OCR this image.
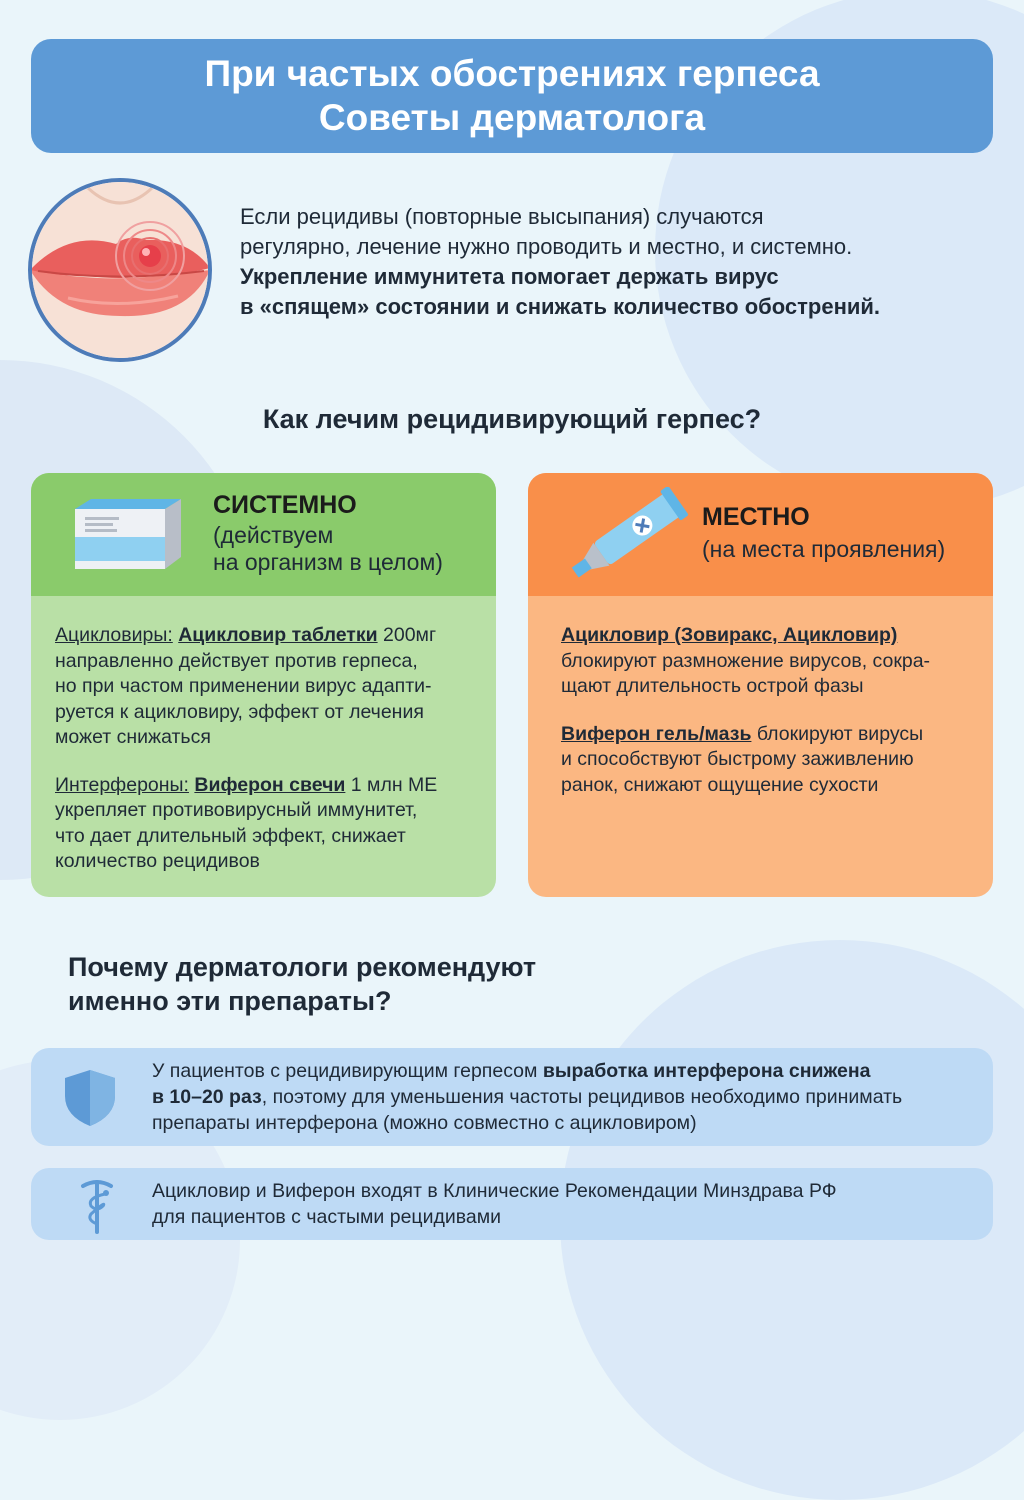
При частых обострениях герпеса
Советы дерматолога

Если рецидивы (повторные высыпания) случаются

регулярно, лечение нужно проводить и местно, и системно.

Укрепление иммунитета помогает держать вирус

в «спящем» состоянии и снижать количество обострений.

Как лечим рецидивирующий герпес?
СИСТЕМНО
(действуем
на организм в целом)

Ацикловиры: Ацикловир таблетки 200мг
направленно действует против герпеса,
но при частом применении вирус адапти-
руется к ацикловиру, эффект от лечения
может снижаться

Интерфероны: Виферон свечи 1 млн МЕ
укрепляет противовирусный иммунитет,
что дает длительный эффект, снижает
количество рецидивов

МЕСТНО
(на места проявления)

Ацикловир (Зовиракс, Ацикловир)
блокируют размножение вирусов, сокра-
щают длительность острой фазы

Виферон гель/мазь блокируют вирусы
и способствуют быстрому заживлению
ранок, снижают ощущение сухости

Почему дерматологи рекомендуют
именно эти препараты?
У пациентов с рецидивирующим герпесом выработка интерферона снижена
в 10–20 раз, поэтому для уменьшения частоты рецидивов необходимо принимать
препараты интерферона (можно совместно с ацикловиром)
Ацикловир и Виферон входят в Клинические Рекомендации Минздрава РФ
для пациентов с частыми рецидивами
